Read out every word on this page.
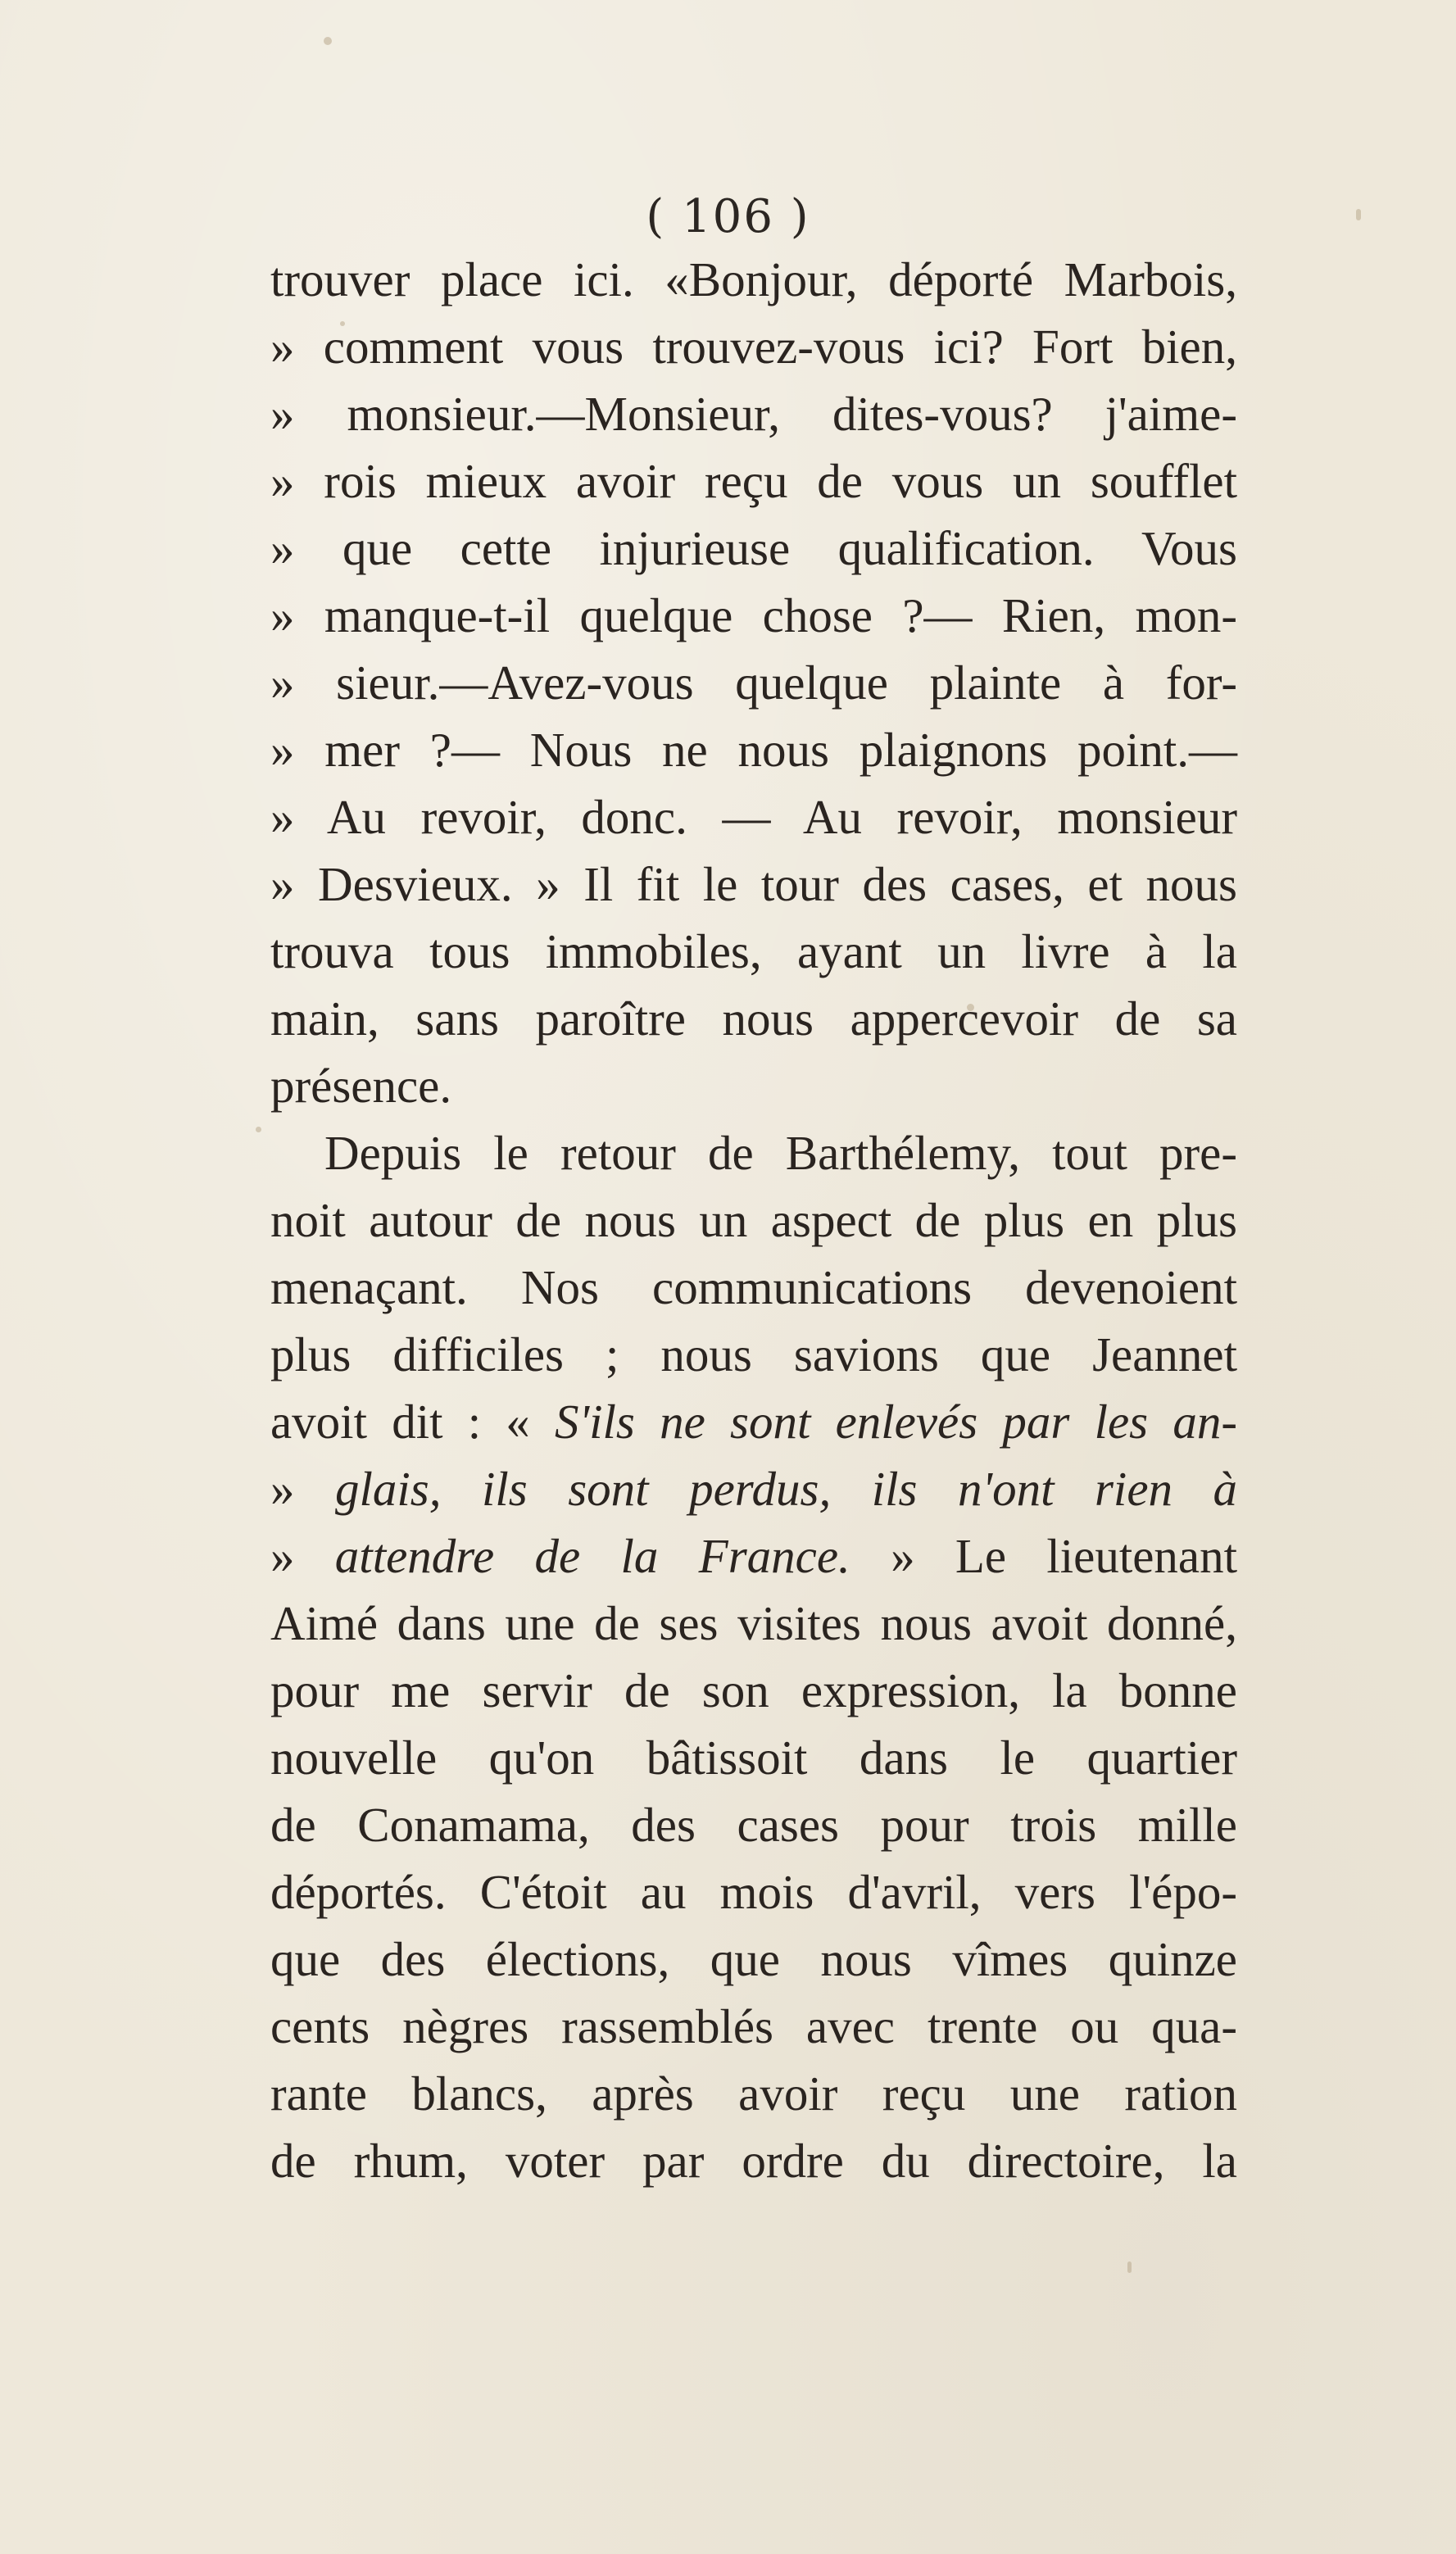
( 106 )
trouver place ici. «Bonjour, déporté Marbois,
» comment vous trouvez-vous ici? Fort bien,
» monsieur.—Monsieur, dites-vous? j'aime-
» rois mieux avoir reçu de vous un soufflet
» que cette injurieuse qualification. Vous
» manque-t-il quelque chose ?— Rien, mon-
» sieur.—Avez-vous quelque plainte à for-
» mer ?— Nous ne nous plaignons point.—
» Au revoir, donc. — Au revoir, monsieur
» Desvieux. » Il fit le tour des cases, et nous
trouva tous immobiles, ayant un livre à la
main, sans paroître nous appercevoir de sa
présence.
Depuis le retour de Barthélemy, tout pre-
noit autour de nous un aspect de plus en plus
menaçant. Nos communications devenoient
plus difficiles ; nous savions que Jeannet
avoit dit : « S'ils ne sont enlevés par les an-
» glais, ils sont perdus, ils n'ont rien à
» attendre de la France. » Le lieutenant
Aimé dans une de ses visites nous avoit donné,
pour me servir de son expression, la bonne
nouvelle qu'on bâtissoit dans le quartier
de Conamama, des cases pour trois mille
déportés. C'étoit au mois d'avril, vers l'épo-
que des élections, que nous vîmes quinze
cents nègres rassemblés avec trente ou qua-
rante blancs, après avoir reçu une ration
de rhum, voter par ordre du directoire, la
